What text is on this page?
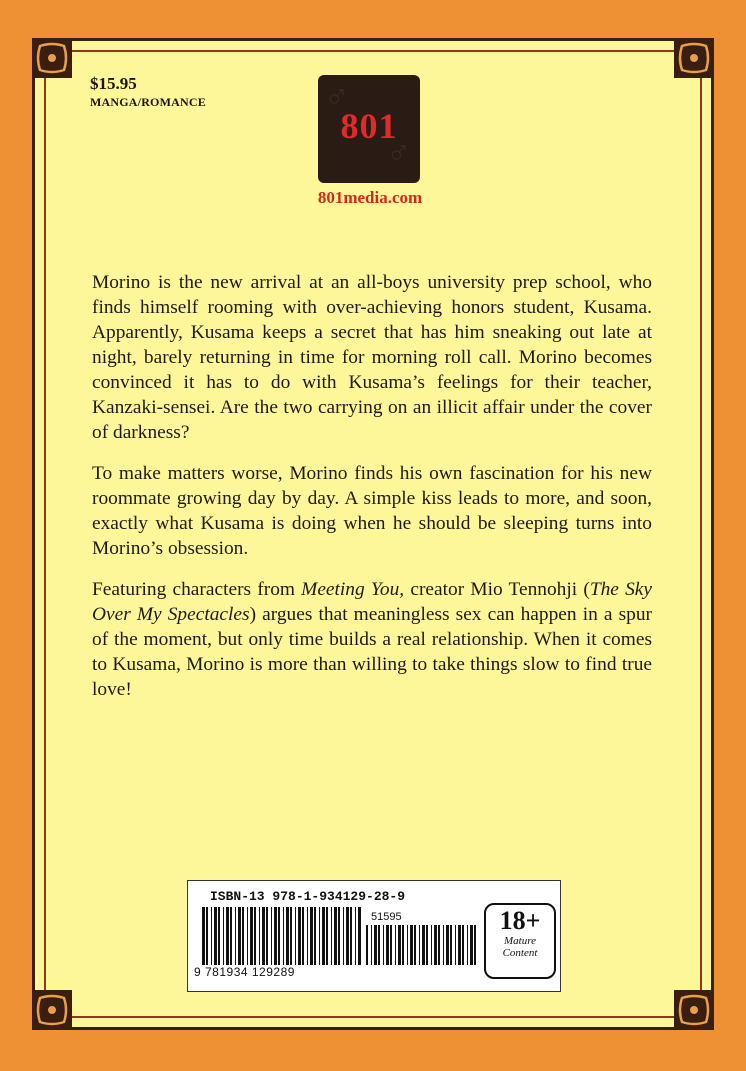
$15.95
MANGA/ROMANCE	♂
♂
801
801media.com

Morino is the new arrival at an all-boys university prep school, who finds himself rooming with over-achieving honors student, Kusama. Apparently, Kusama keeps a secret that has him sneaking out late at night, barely returning in time for morning roll call. Morino becomes convinced it has to do with Kusama’s feelings for their teacher, Kanzaki-sensei. Are the two carrying on an illicit affair under the cover of darkness?

To make matters worse, Morino finds his own fascination for his new roommate growing day by day. A simple kiss leads to more, and soon, exactly what Kusama is doing when he should be sleeping turns into Morino’s obsession.

Featuring characters from Meeting You, creator Mio Tennohji (The Sky Over My Spectacles) argues that meaningless sex can happen in a spur of the moment, but only time builds a real relationship. When it comes to Kusama, Morino is more than willing to take things slow to find true love!

ISBN-13 978-1-934129-28-9
51595
9 781934 129289
18+
Mature
Content
